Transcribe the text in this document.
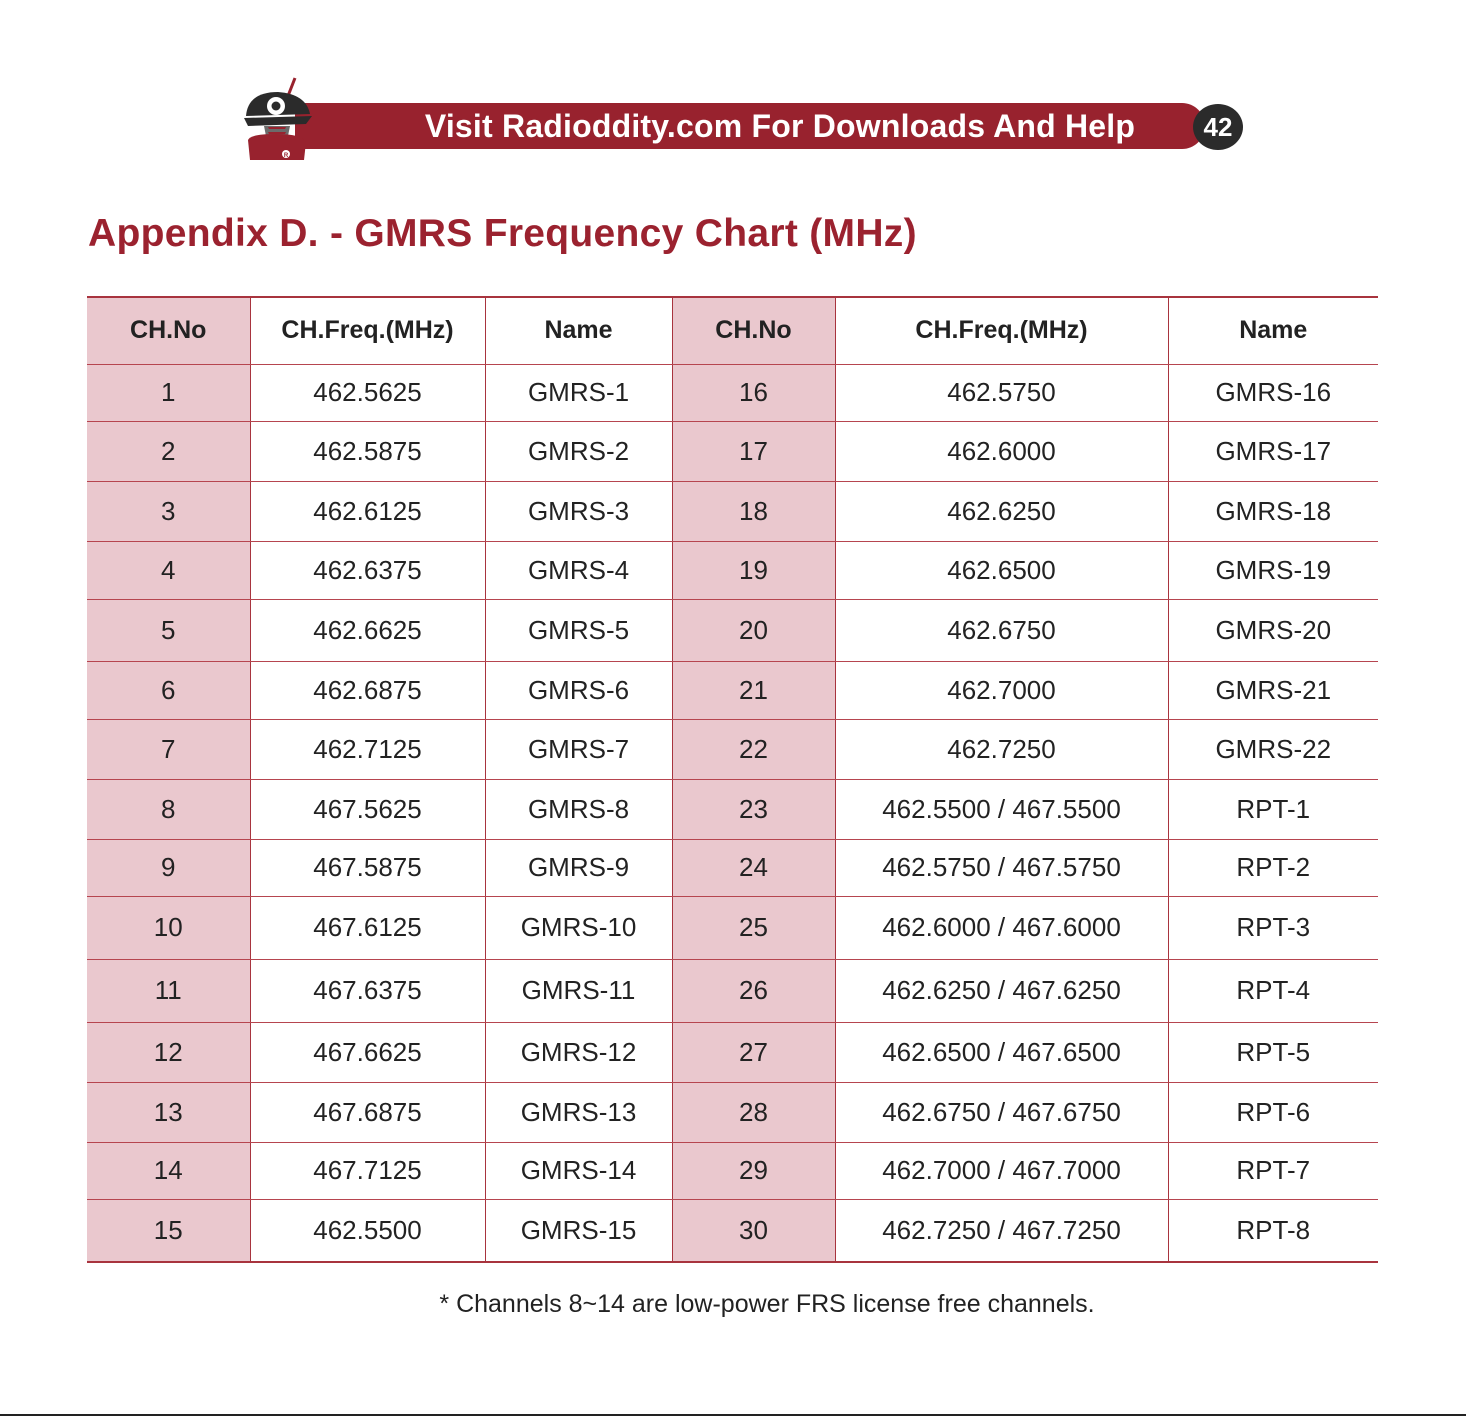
Visit Radioddity.com For Downloads And Help	42
R
Appendix D. - GMRS Frequency Chart (MHz)
CH.No	CH.Freq.(MHz)	Name	CH.No	CH.Freq.(MHz)	Name
1	462.5625	GMRS-1	16	462.5750	GMRS-16
2	462.5875	GMRS-2	17	462.6000	GMRS-17
3	462.6125	GMRS-3	18	462.6250	GMRS-18
4	462.6375	GMRS-4	19	462.6500	GMRS-19
5	462.6625	GMRS-5	20	462.6750	GMRS-20
6	462.6875	GMRS-6	21	462.7000	GMRS-21
7	462.7125	GMRS-7	22	462.7250	GMRS-22
8	467.5625	GMRS-8	23	462.5500 / 467.5500	RPT-1
9	467.5875	GMRS-9	24	462.5750 / 467.5750	RPT-2
10	467.6125	GMRS-10	25	462.6000 / 467.6000	RPT-3
11	467.6375	GMRS-11	26	462.6250 / 467.6250	RPT-4
12	467.6625	GMRS-12	27	462.6500 / 467.6500	RPT-5
13	467.6875	GMRS-13	28	462.6750 / 467.6750	RPT-6
14	467.7125	GMRS-14	29	462.7000 / 467.7000	RPT-7
15	462.5500	GMRS-15	30	462.7250 / 467.7250	RPT-8
* Channels 8~14 are low-power FRS license free channels.
